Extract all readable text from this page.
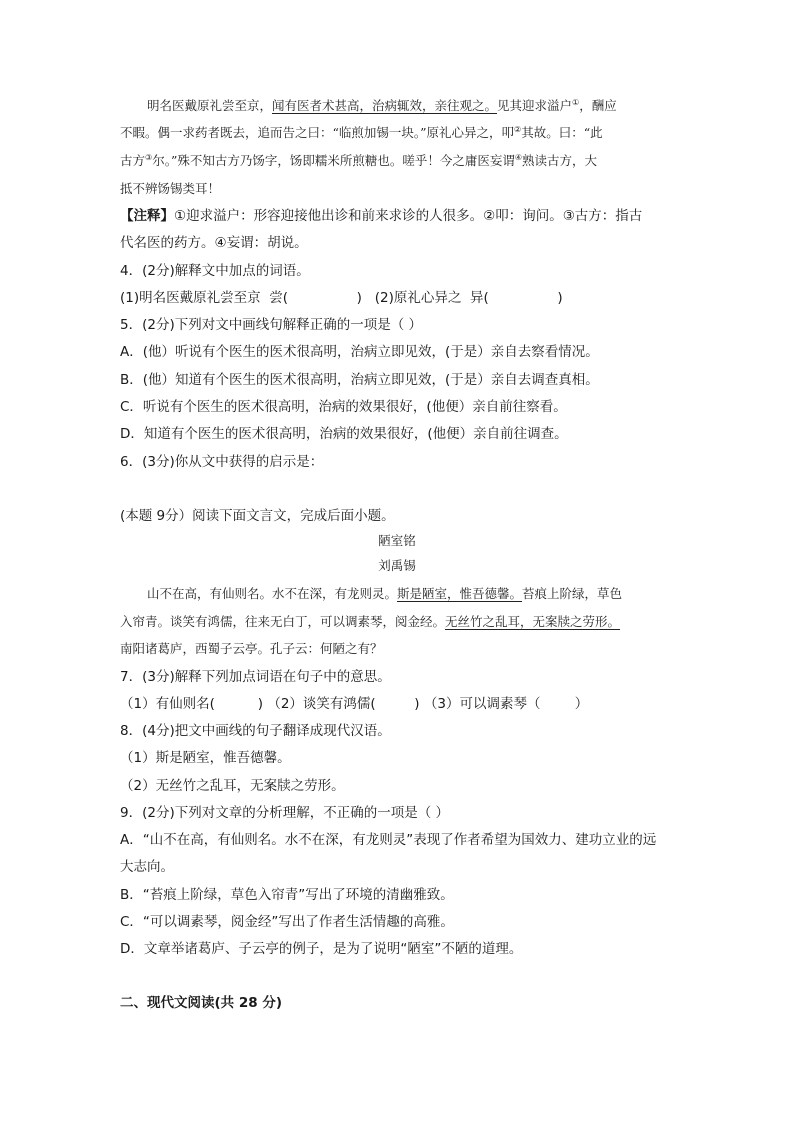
明名医戴原礼尝至京，闻有医者术甚高，治病辄效，亲往观之。见其迎求溢户①，酬应
不暇。偶一求药者既去，追而告之曰：“临煎加锡一块。”原礼心异之，叩②其故。曰：“此
古方③尔。”殊不知古方乃饧字，饧即糯米所煎糖也。嗟乎！今之庸医妄谓④熟读古方，大
抵不辨饧锡类耳！
【注释】①迎求溢户：形容迎接他出诊和前来求诊的人很多。②叩：询问。③古方：指古
代名医的药方。④妄谓：胡说。
4．(2分)解释文中加点的词语。
(1)明名医戴原礼尝至京  尝(                )   (2)原礼心异之  异(                )
5．(2分)下列对文中画线句解释正确的一项是（ ）
A．(他）听说有个医生的医术很高明，治病立即见效，(于是）亲自去察看情况。
B．(他）知道有个医生的医术很高明，治病立即见效，(于是）亲自去调查真相。
C．听说有个医生的医术很高明，治病的效果很好，(他便）亲自前往察看。
D．知道有个医生的医术很高明，治病的效果很好，(他便）亲自前往调查。
6．(3分)你从文中获得的启示是：
(本题 9分）阅读下面文言文，完成后面小题。
陋室铭
刘禹锡
山不在高，有仙则名。水不在深，有龙则灵。斯是陋室，惟吾德馨。苔痕上阶绿，草色
入帘青。谈笑有鸿儒，往来无白丁，可以调素琴，阅金经。无丝竹之乱耳，无案牍之劳形。
南阳诸葛庐，西蜀子云亭。孔子云：何陋之有？
7．(3分)解释下列加点词语在句子中的意思。
（1）有仙则名(          ) （2）谈笑有鸿儒(         ) （3）可以调素琴（        ）
8．(4分)把文中画线的句子翻译成现代汉语。
（1）斯是陋室，惟吾德馨。
（2）无丝竹之乱耳，无案牍之劳形。
9．(2分)下列对文章的分析理解，不正确的一项是（ ）
A．“山不在高，有仙则名。水不在深，有龙则灵”表现了作者希望为国效力、建功立业的远
大志向。
B．“苔痕上阶绿，草色入帘青”写出了环境的清幽雅致。
C．“可以调素琴，阅金经”写出了作者生活情趣的高雅。
D．文章举诸葛庐、子云亭的例子，是为了说明“陋室”不陋的道理。
二、现代文阅读(共 28 分)
